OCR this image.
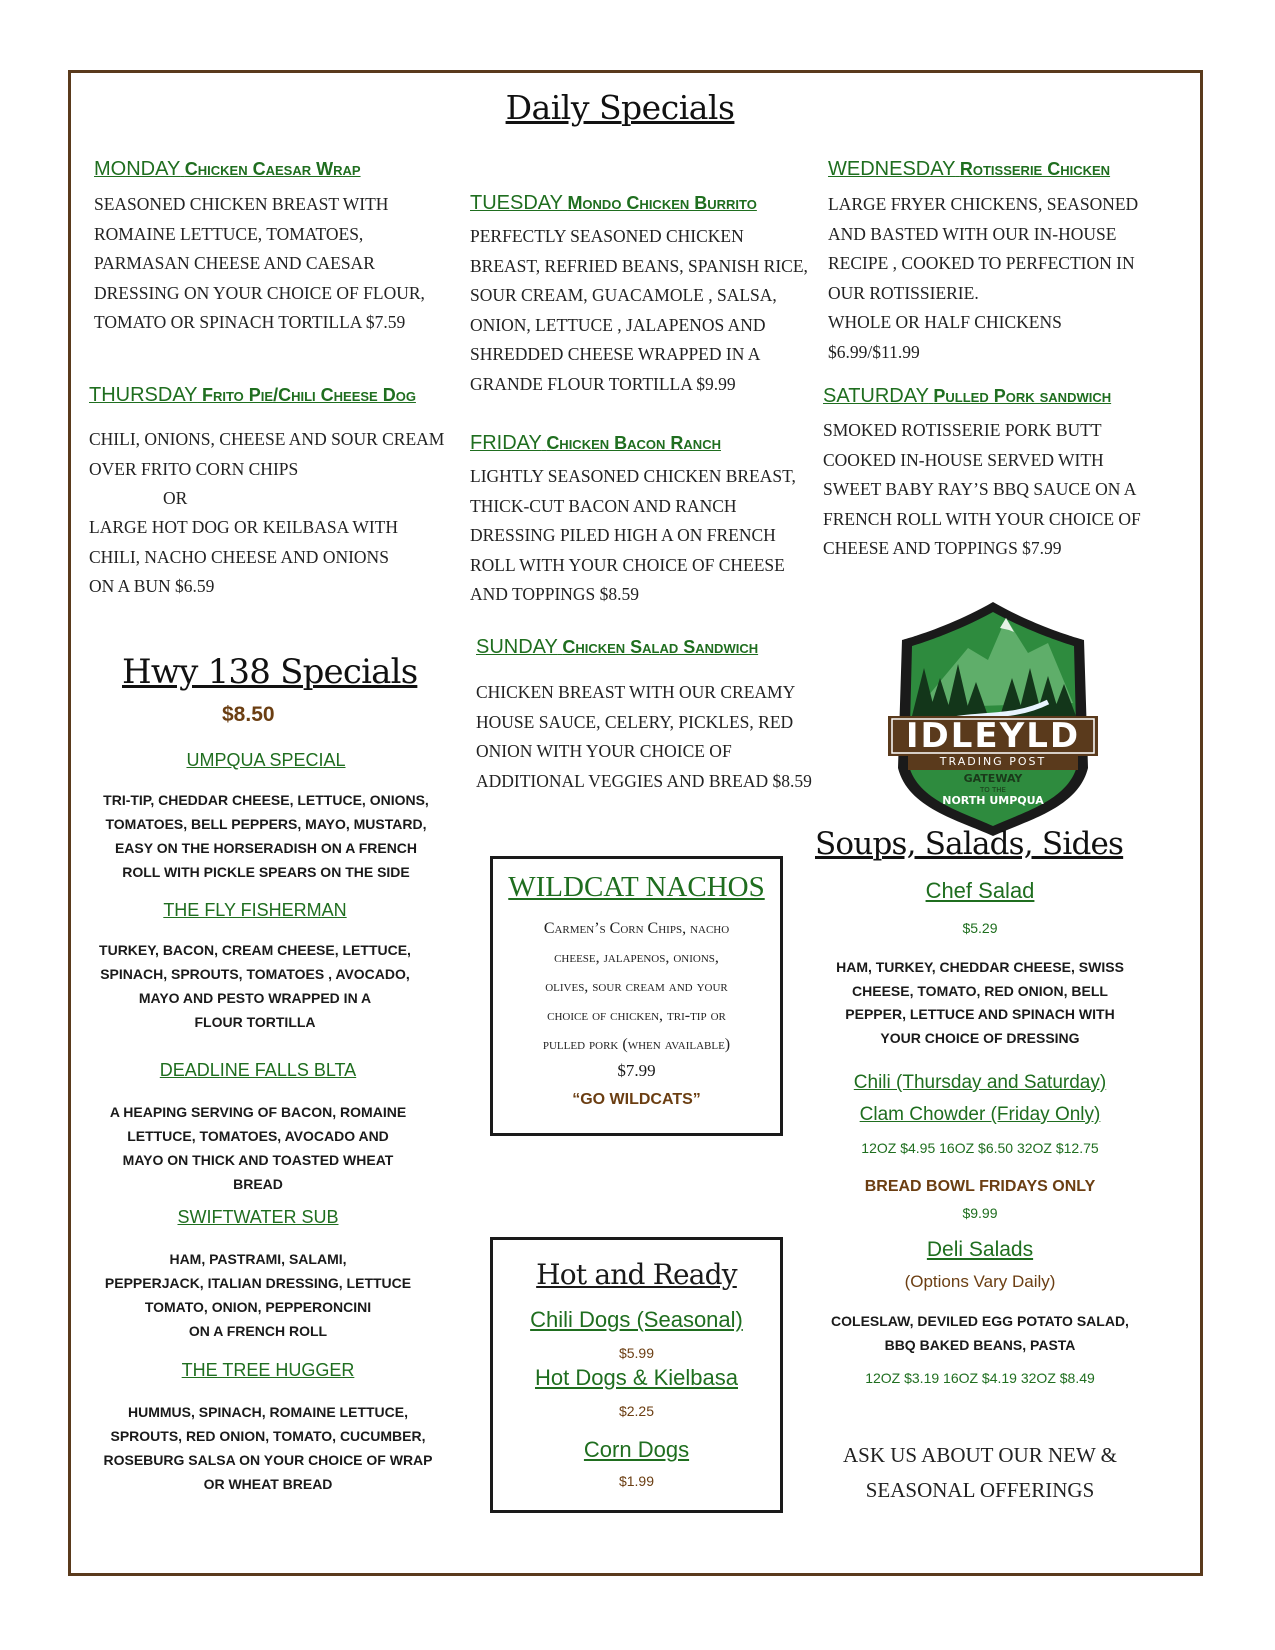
Daily Specials
MONDAY Chicken Caesar Wrap
SEASONED CHICKEN BREAST WITH
ROMAINE LETTUCE, TOMATOES,
PARMASAN CHEESE AND CAESAR
DRESSING ON YOUR CHOICE OF FLOUR,
TOMATO OR SPINACH TORTILLA $7.59
TUESDAY Mondo Chicken Burrito
PERFECTLY SEASONED CHICKEN
BREAST, REFRIED BEANS, SPANISH RICE,
SOUR CREAM, GUACAMOLE , SALSA,
ONION, LETTUCE , JALAPENOS AND
SHREDDED CHEESE WRAPPED IN A
GRANDE FLOUR TORTILLA $9.99
WEDNESDAY Rotisserie Chicken
LARGE FRYER CHICKENS, SEASONED
AND BASTED WITH OUR IN-HOUSE
RECIPE , COOKED TO PERFECTION IN
OUR ROTISSIERIE.
WHOLE OR HALF CHICKENS
$6.99/$11.99
THURSDAY Frito Pie/Chili Cheese Dog
CHILI, ONIONS, CHEESE AND SOUR CREAM
OVER FRITO CORN CHIPS
OR
LARGE HOT DOG OR KEILBASA WITH
CHILI, NACHO CHEESE AND ONIONS
ON A BUN $6.59
FRIDAY Chicken Bacon Ranch
LIGHTLY SEASONED CHICKEN BREAST,
THICK-CUT BACON AND RANCH
DRESSING PILED HIGH A ON FRENCH
ROLL WITH YOUR CHOICE OF CHEESE
AND TOPPINGS $8.59
SATURDAY Pulled Pork sandwich
SMOKED ROTISSERIE PORK BUTT
COOKED IN-HOUSE SERVED WITH
SWEET BABY RAY’S BBQ SAUCE ON A
FRENCH ROLL WITH YOUR CHOICE OF
CHEESE AND TOPPINGS $7.99
SUNDAY Chicken Salad Sandwich
CHICKEN BREAST WITH OUR CREAMY
HOUSE SAUCE, CELERY, PICKLES, RED
ONION WITH YOUR CHOICE OF
ADDITIONAL VEGGIES AND BREAD $8.59
Hwy 138 Specials
$8.50
UMPQUA SPECIAL
TRI-TIP, CHEDDAR CHEESE, LETTUCE, ONIONS,
TOMATOES, BELL PEPPERS, MAYO, MUSTARD,
EASY ON THE HORSERADISH ON A FRENCH
ROLL WITH PICKLE SPEARS ON THE SIDE
THE FLY FISHERMAN
TURKEY, BACON, CREAM CHEESE, LETTUCE,
SPINACH, SPROUTS, TOMATOES , AVOCADO,
MAYO AND PESTO WRAPPED IN A
FLOUR TORTILLA
DEADLINE FALLS BLTA
A HEAPING SERVING OF BACON, ROMAINE
LETTUCE, TOMATOES, AVOCADO AND
MAYO ON THICK AND TOASTED WHEAT
BREAD
SWIFTWATER SUB
HAM, PASTRAMI, SALAMI,
PEPPERJACK, ITALIAN DRESSING, LETTUCE
TOMATO, ONION, PEPPERONCINI
ON A FRENCH ROLL
THE TREE HUGGER
HUMMUS, SPINACH, ROMAINE LETTUCE,
SPROUTS, RED ONION, TOMATO, CUCUMBER,
ROSEBURG SALSA ON YOUR CHOICE OF WRAP
OR WHEAT BREAD
WILDCAT NACHOS
Carmen’s Corn Chips, nacho
cheese, jalapenos, onions,
olives, sour cream and your
choice of chicken, tri-tip or
pulled pork (when available)
$7.99
“GO WILDCATS”
Hot and Ready
Chili Dogs (Seasonal)
$5.99
Hot Dogs & Kielbasa
$2.25
Corn Dogs
$1.99
IDLEYLD
TRADING POST
GATEWAY
TO THE
NORTH UMPQUA
Soups, Salads, Sides
Chef Salad
$5.29
HAM, TURKEY, CHEDDAR CHEESE, SWISS
CHEESE, TOMATO, RED ONION, BELL
PEPPER, LETTUCE AND SPINACH WITH
YOUR CHOICE OF DRESSING
Chili (Thursday and Saturday)
Clam Chowder (Friday Only)
12OZ $4.95 16OZ $6.50 32OZ $12.75
BREAD BOWL FRIDAYS ONLY
$9.99
Deli Salads
(Options Vary Daily)
COLESLAW, DEVILED EGG POTATO SALAD,
BBQ BAKED BEANS, PASTA
12OZ $3.19 16OZ $4.19 32OZ $8.49
ASK US ABOUT OUR NEW &
SEASONAL OFFERINGS
